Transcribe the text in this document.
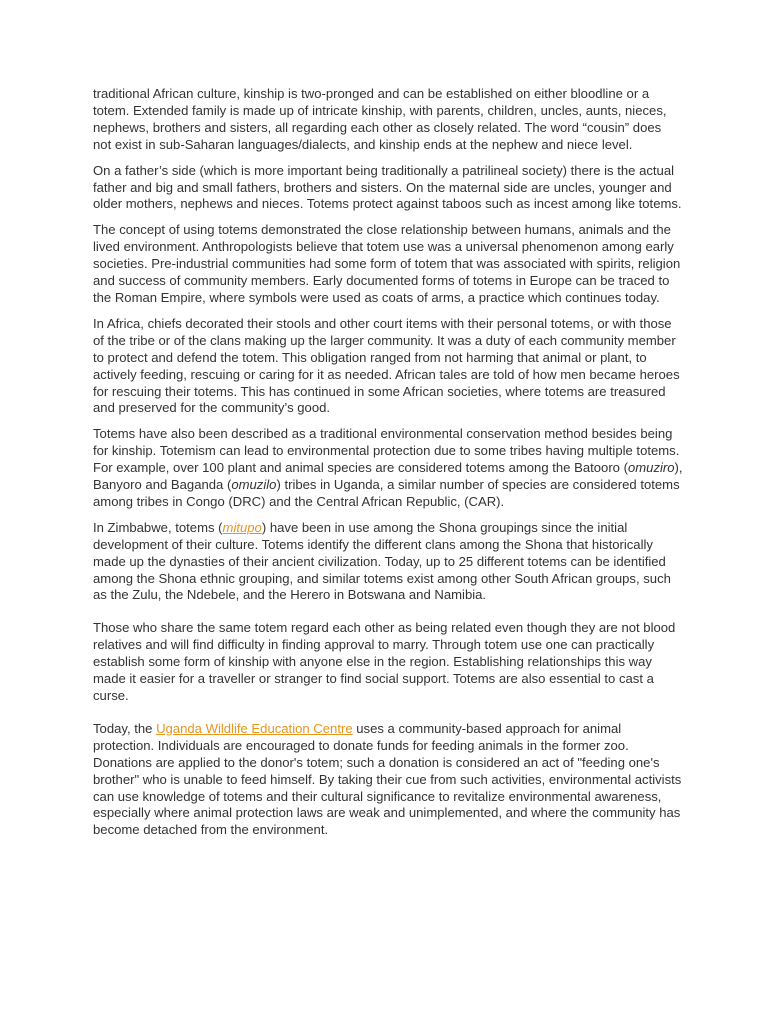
traditional African culture, kinship is two-pronged and can be established on either bloodline or a totem. Extended family is made up of intricate kinship, with parents, children, uncles, aunts, nieces, nephews, brothers and sisters, all regarding each other as closely related. The word “cousin” does not exist in sub-Saharan languages/dialects, and kinship ends at the nephew and niece level.

On a father’s side (which is more important being traditionally a patrilineal society) there is the actual father and big and small fathers, brothers and sisters. On the maternal side are uncles, younger and older mothers, nephews and nieces. Totems protect against taboos such as incest among like totems.

The concept of using totems demonstrated the close relationship between humans, animals and the lived environment. Anthropologists believe that totem use was a universal phenomenon among early societies. Pre-industrial communities had some form of totem that was associated with spirits, religion and success of community members. Early documented forms of totems in Europe can be traced to the Roman Empire, where symbols were used as coats of arms, a practice which continues today.

In Africa, chiefs decorated their stools and other court items with their personal totems, or with those of the tribe or of the clans making up the larger community. It was a duty of each community member to protect and defend the totem. This obligation ranged from not harming that animal or plant, to actively feeding, rescuing or caring for it as needed. African tales are told of how men became heroes for rescuing their totems. This has continued in some African societies, where totems are treasured and preserved for the community’s good.

Totems have also been described as a traditional environmental conservation method besides being for kinship. Totemism can lead to environmental protection due to some tribes having multiple totems. For example, over 100 plant and animal species are considered totems among the Batooro (omuziro), Banyoro and Baganda (omuzilo) tribes in Uganda, a similar number of species are considered totems among tribes in Congo (DRC) and the Central African Republic, (CAR).

In Zimbabwe, totems (mitupo) have been in use among the Shona groupings since the initial development of their culture. Totems identify the different clans among the Shona that historically made up the dynasties of their ancient civilization. Today, up to 25 different totems can be identified among the Shona ethnic grouping, and similar totems exist among other South African groups, such as the Zulu, the Ndebele, and the Herero in Botswana and Namibia.

Those who share the same totem regard each other as being related even though they are not blood relatives and will find difficulty in finding approval to marry. Through totem use one can practically establish some form of kinship with anyone else in the region. Establishing relationships this way made it easier for a traveller or stranger to find social support. Totems are also essential to cast a curse.

Today, the Uganda Wildlife Education Centre uses a community-based approach for animal protection. Individuals are encouraged to donate funds for feeding animals in the former zoo. Donations are applied to the donor's totem; such a donation is considered an act of "feeding one's brother" who is unable to feed himself. By taking their cue from such activities, environmental activists can use knowledge of totems and their cultural significance to revitalize environmental awareness, especially where animal protection laws are weak and unimplemented, and where the community has become detached from the environment.
